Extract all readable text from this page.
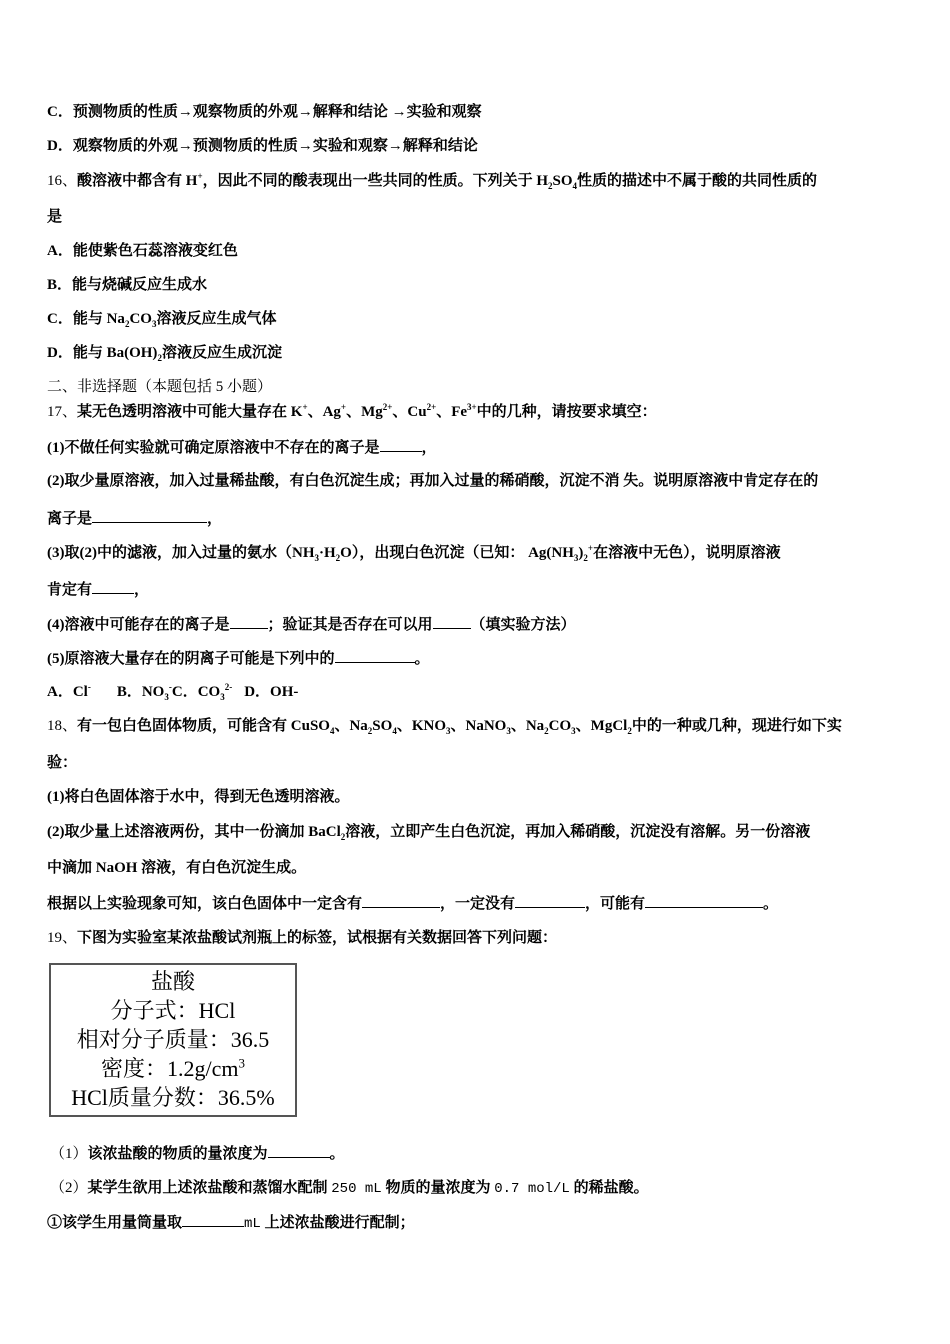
C．预测物质的性质→观察物质的外观→解释和结论 →实验和观察
D．观察物质的外观→预测物质的性质→实验和观察→解释和结论
16、酸溶液中都含有 H+，因此不同的酸表现出一些共同的性质。下列关于 $H_2SO_4$性质的描述中不属于酸的共同性质的
是
A．能使紫色石蕊溶液变红色
B．能与烧碱反应生成水
C．能与 $Na_2CO_3$溶液反应生成气体
D．能与 $Ba(OH)_2$溶液反应生成沉淀
二、非选择题（本题包括 5 小题）
17、某无色透明溶液中可能大量存在 K+、Ag+、$Mg^{2+}$、$Cu^{2+}$、$Fe^{3+}$中的几种，请按要求填空：
(1)不做任何实验就可确定原溶液中不存在的离子是	，
(2)取少量原溶液，加入过量稀盐酸，有白色沉淀生成；再加入过量的稀硝酸，沉淀不消 失。说明原溶液中肯定存在的
离子是	，
(3)取(2)中的滤液，加入过量的氨水$(NH_3\cdot H_2O)$，出现白色沉淀（已知： $Ag(NH_3)_2^+$在溶液中无色），说明原溶液
肯定有	，
(4)溶液中可能存在的离子是	；验证其是否存在可以用	（填实验方法）
(5)原溶液大量存在的阴离子可能是下列中的	。
A．Cl- B．$NO_3^-C$．$CO_3^{2-}$ D．OH-
18、有一包白色固体物质，可能含有 CuSO$_4$、$Na_2SO_4$、$KNO_3$、NaNO$_3$、$Na_2CO_3$、MgCl$_2$中的一种或几种，现进行如下实
验：
(1)将白色固体溶于水中，得到无色透明溶液。
(2)取少量上述溶液两份，其中一份滴加 BaCl$_2$溶液，立即产生白色沉淀，再加入稀硝酸，沉淀没有溶解。另一份溶液
中滴加 NaOH 溶液，有白色沉淀生成。
根据以上实验现象可知，该白色固体中一定含有	，一定没有	，可能有	。
19、下图为实验室某浓盐酸试剂瓶上的标签，试根据有关数据回答下列问题：
盐酸
分子式：HCl
相对分子质量：36.5
密度：$1.2g/cm^3$
HCl质量分数：36.5%
（1）该浓盐酸的物质的量浓度为	。
（2）某学生欲用上述浓盐酸和蒸馏水配制 250 mL 物质的量浓度为 0.7 mol/L 的稀盐酸。
①该学生用量筒量取	mL 上述浓盐酸进行配制；
